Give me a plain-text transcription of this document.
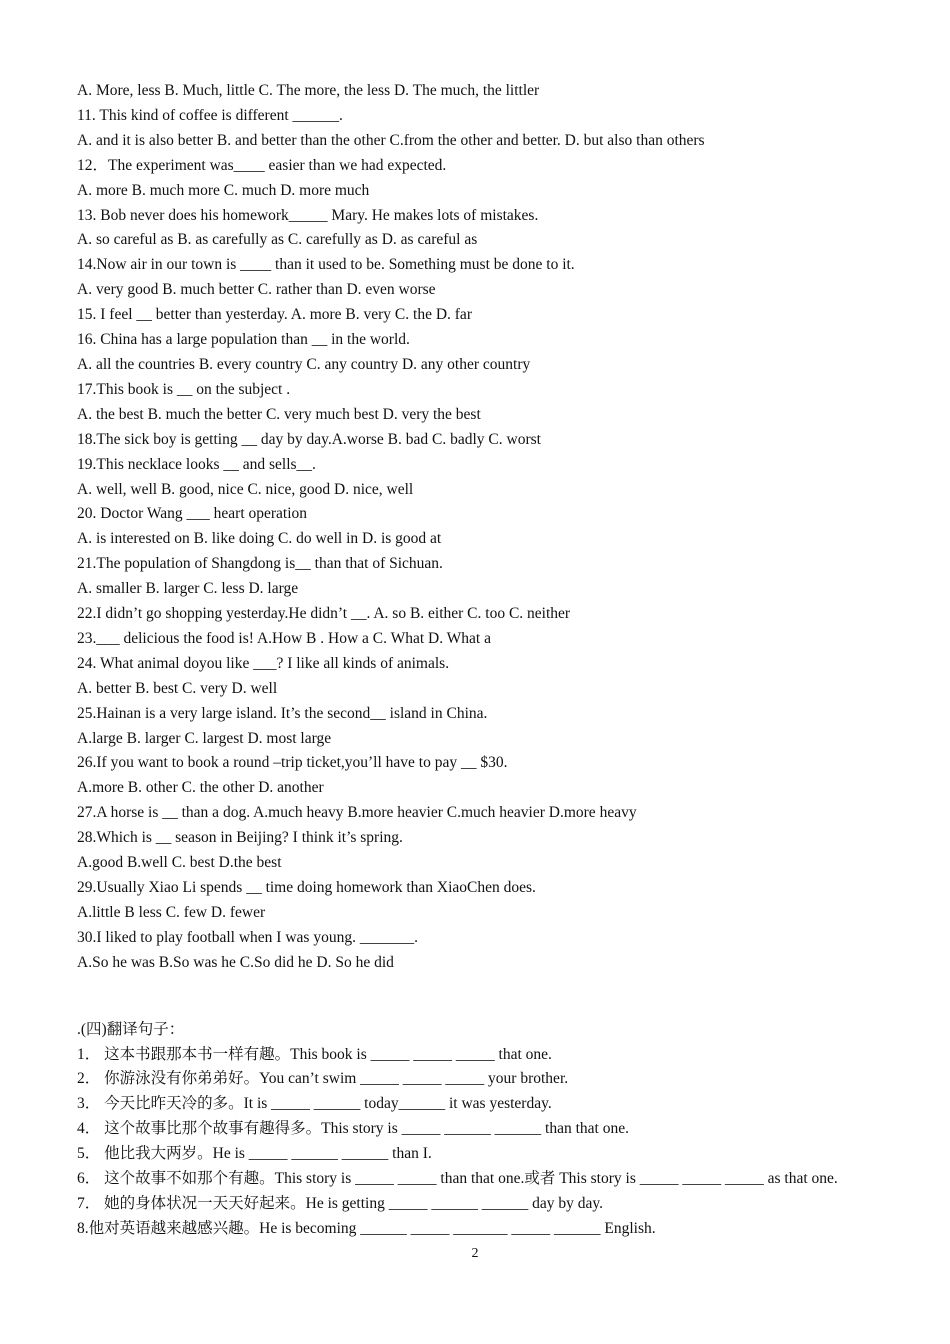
A. More, less B. Much, little C. The more, the less D. The much, the littler
11. This kind of coffee is different ______.
A. and it is also better B. and better than the other C.from the other and better. D. but also than others
12．The experiment was____ easier than we had expected.
A. more B. much more C. much D. more much
13. Bob never does his homework_____ Mary. He makes lots of mistakes.
A. so careful as B. as carefully as C. carefully as D. as careful as
14.Now air in our town is ____ than it used to be. Something must be done to it.
A. very good B. much better C. rather than D. even worse
15. I feel __ better than yesterday. A. more B. very C. the D. far
16. China has a large population than __ in the world.
A. all the countries B. every country C. any country D. any other country
17.This book is __ on the subject .
A. the best B. much the better C. very much best D. very the best
18.The sick boy is getting __ day by day.A.worse B. bad C. badly C. worst
19.This necklace looks __ and sells__.
A. well, well B. good, nice C. nice, good D. nice, well
20. Doctor Wang ___ heart operation
A. is interested on B. like doing C. do well in D. is good at
21.The population of Shangdong is__ than that of Sichuan.
A. smaller B. larger C. less D. large
22.I didn’t go shopping yesterday.He didn’t __. A. so B. either C. too C. neither
23.___ delicious the food is! A.How B . How a C. What D. What a
24. What animal doyou like ___? I like all kinds of animals.
A. better B. best C. very D. well
25.Hainan is a very large island. It’s the second__ island in China.
A.large B. larger C. largest D. most large
26.If you want to book a round –trip ticket,you’ll have to pay __ $30.
A.more B. other C. the other D. another
27.A horse is __ than a dog. A.much heavy B.more heavier C.much heavier D.more heavy
28.Which is __ season in Beijing? I think it’s spring.
A.good B.well C. best D.the best
29.Usually Xiao Li spends __ time doing homework than XiaoChen does.
A.little B less C. few D. fewer
30.I liked to play football when I was young. _______.
A.So he was B.So was he C.So did he D. So he did
.(四)翻译句子：
1． 这本书跟那本书一样有趣。This book is _____ _____ _____ that one.
2． 你游泳没有你弟弟好。You can’t swim _____ _____ _____ your brother.
3． 今天比昨天冷的多。It is _____ ______ today______ it was yesterday.
4． 这个故事比那个故事有趣得多。This story is _____ ______ ______ than that one.
5． 他比我大两岁。He is _____ ______ ______ than I.
6． 这个故事不如那个有趣。This story is _____ _____ than that one.或者 This story is _____ _____ _____ as that one.
7． 她的身体状况一天天好起来。He is getting _____ ______ ______ day by day.
8.他对英语越来越感兴趣。He is becoming ______ _____ _______ _____ ______ English.
2
